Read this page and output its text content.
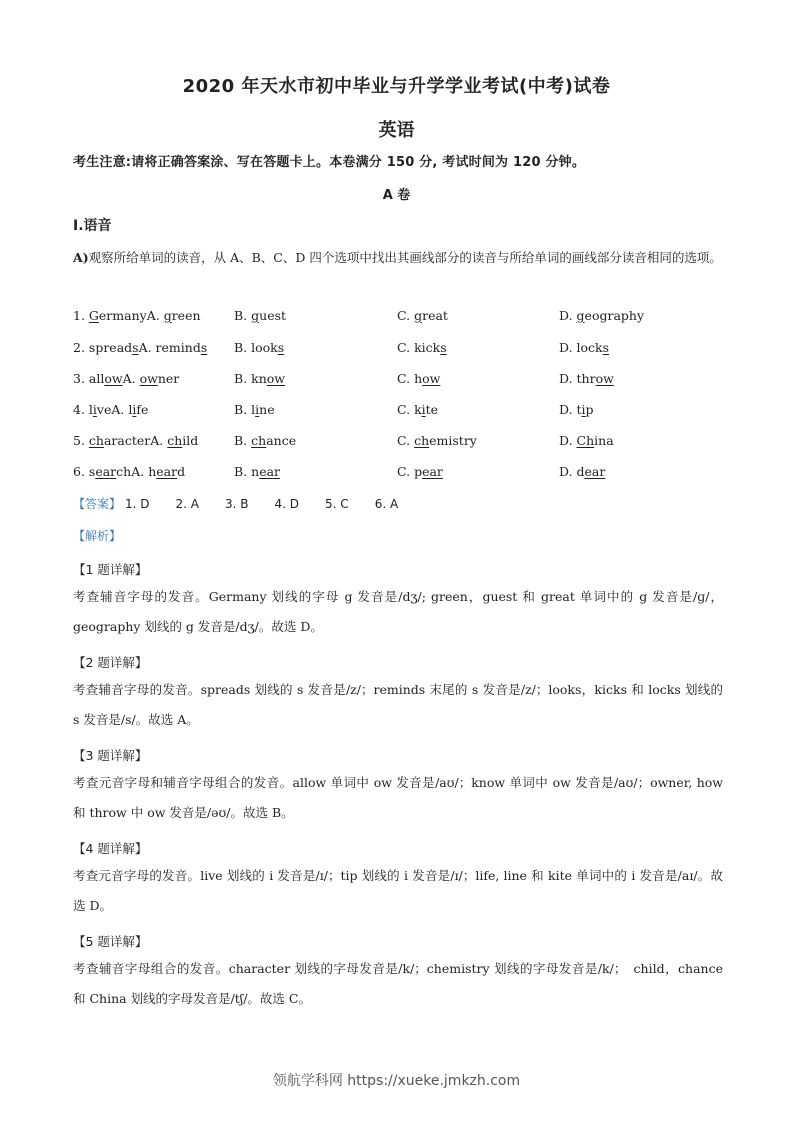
2020 年天水市初中毕业与升学学业考试(中考)试卷
英语
考生注意:请将正确答案涂、写在答题卡上。本卷满分 150 分, 考试时间为 120 分钟。
A 卷
I.语音
A)观察所给单词的读音，从 A、B、C、D 四个选项中找出其画线部分的读音与所给单词的画线部分读音相同的选项。
1. GermanyA. green	B. guest	C. great	D. geography
2. spreadsA. reminds B. looks	C. kicks	D. locks
3. allowA. owner	B. know	C. how	D. throw
4. liveA. life	B. line	C. kite	D. tip
5. characterA. child	B. chance	C. chemistry	D. China
6. searchA. heard	B. near	C. pear	D. dear
【答案】 1. D 2. A 3. B 4. D 5. C 6. A
【解析】
【1 题详解】
考查辅音字母的发音。Germany 划线的字母 g 发音是/dʒ/; green，guest 和 great 单词中的 g 发音是/ɡ/，geography 划线的 g 发音是/dʒ/。故选 D。
【2 题详解】
考查辅音字母的发音。spreads 划线的 s 发音是/z/；reminds 末尾的 s 发音是/z/；looks，kicks 和 locks 划线的 s 发音是/s/。故选 A。
【3 题详解】
考查元音字母和辅音字母组合的发音。allow 单词中 ow 发音是/aʊ/；know 单词中 ow 发音是/aʊ/；owner, how 和 throw 中 ow 发音是/əʊ/。故选 B。
【4 题详解】
考查元音字母的发音。live 划线的 i 发音是/ɪ/；tip 划线的 i 发音是/ɪ/；life, line 和 kite 单词中的 i 发音是/aɪ/。故选 D。
【5 题详解】
考查辅音字母组合的发音。character 划线的字母发音是/k/；chemistry 划线的字母发音是/k/；　child，chance 和 China 划线的字母发音是/tʃ/。故选 C。
领航学科网 https://xueke.jmkzh.com
